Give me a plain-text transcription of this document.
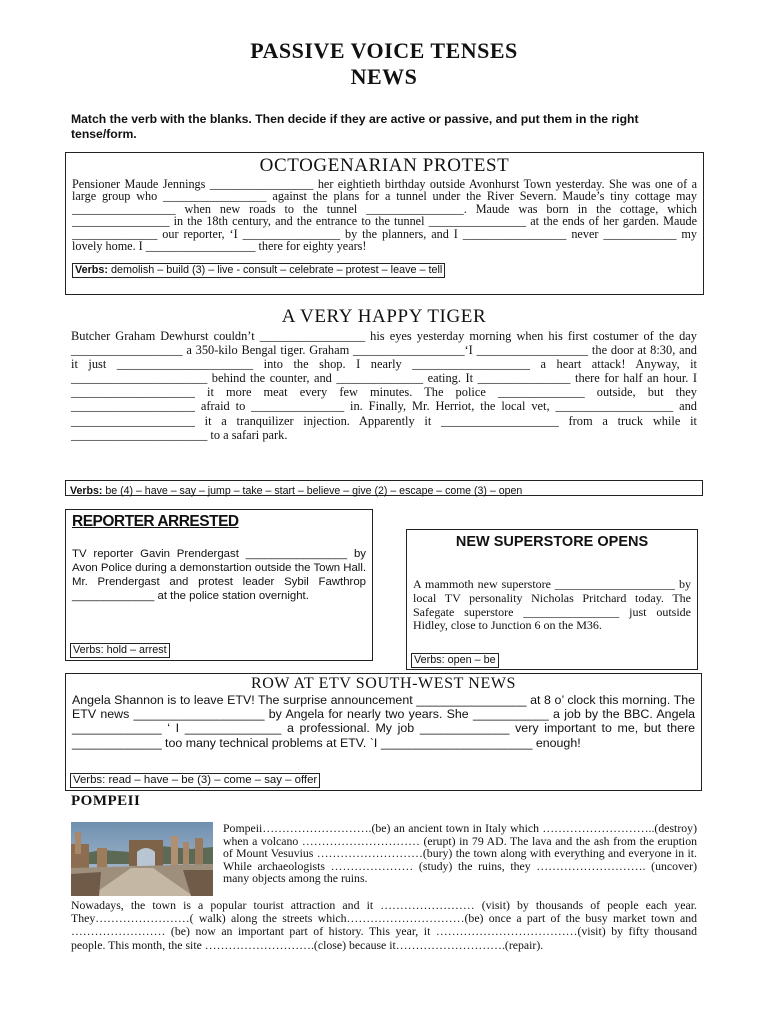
PASSIVE VOICE TENSES
NEWS
Match the verb with the blanks. Then decide if they are active or passive, and put them in the right tense/form.
OCTOGENARIAN PROTEST
Pensioner Maude Jennings _________________ her eightieth birthday outside Avonhurst Town yesterday. She was one of a large group who _________________ against the plans for a tunnel under the River Severn. Maude’s tiny cottage may _________________ when new roads to the tunnel ________________. Maude was born in the cottage, which ________________ in the 18th century, and the entrance to the tunnel ________________ at the ends of her garden. Maude ______________ our reporter, ‘I ________________ by the planners, and I _________________ never ____________ my lovely home. I __________________ there for eighty years!
Verbs: demolish – build (3) – live - consult – celebrate – protest – leave – tell
A VERY HAPPY TIGER
Butcher Graham Dewhurst couldn’t _________________ his eyes yesterday morning when his first costumer of the day __________________ a 350-kilo Bengal tiger. Graham __________________‘I __________________ the door at 8:30, and it just ______________________ into the shop. I nearly ___________________ a heart attack! Anyway, it ______________________ behind the counter, and ______________ eating. It _______________ there for half an hour. I ____________________ it more meat every few minutes. The police ______________ outside, but they ____________________ afraid to _______________ in. Finally, Mr. Herriot, the local vet, ___________________ and ____________________ it a tranquilizer injection. Apparently it ___________________ from a truck while it ______________________ to a safari park.
Verbs: be (4) – have – say – jump – take – start – believe – give (2) – escape – come (3) – open
REPORTER ARRESTED
TV reporter Gavin Prendergast ________________ by Avon Police during a demonstartion outside the Town Hall. Mr. Prendergast and protest leader Sybil Fawthrop _____________ at the police station overnight.
Verbs: hold – arrest
NEW SUPERSTORE OPENS
A mammoth new superstore ____________________ by local TV personality Nicholas Pritchard today. The Safegate superstore ________________ just outside Hidley, close to Junction 6 on the M36.
Verbs: open – be
ROW AT ETV SOUTH-WEST NEWS
Angela Shannon is to leave ETV! The surprise announcement ________________ at 8 o’ clock this morning. The ETV news ___________________ by Angela for nearly two years. She ___________ a job by the BBC. Angela _____________ ‘ I ______________ a professional. My job _____________ very important to me, but there _____________ too many technical problems at ETV. `I ______________________ enough!
Verbs: read – have – be (3) – come – say – offer
POMPEII
Pompeii……………………….(be) an ancient town in Italy which ………………………..(destroy) when a volcano ………………………… (erupt) in 79 AD. The lava and the ash from the eruption of Mount Vesuvius ………………………(bury) the town along with everything and everyone in it. While archaeologists ………………… (study) the ruins, they ………………………. (uncover) many objects among the ruins.
Nowadays, the town is a popular tourist attraction and it …………………… (visit) by thousands of people each year. They……………………( walk) along the streets which…………………………(be) once a part of the busy market town and …………………… (be) now an important part of history. This year, it ………………………………(visit) by fifty thousand people. This month, the site ……………………….(close) because it……………………….(repair).
